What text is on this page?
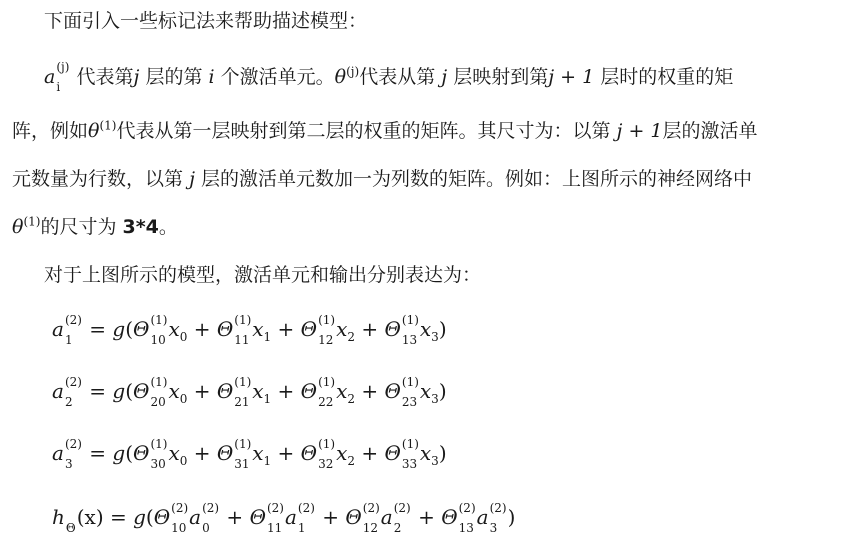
下面引入一些标记法来帮助描述模型：
a (j)
i 代表第j 层的第 i 个激活单元。$\theta^{(j)}$代表从第 j 层映射到第j + 1 层时的权重的矩
阵，例如$\theta^{(1)}$代表从第一层映射到第二层的权重的矩阵。其尺寸为：以第 j + 1层的激活单
元数量为行数，以第 j 层的激活单元数加一为列数的矩阵。例如：上图所示的神经网络中
$\theta^{(1)}$的尺寸为 3*4。
对于上图所示的模型，激活单元和输出分别表达为：
a (2)
1 = g(Θ (1)
10 $x_0 + \Theta$ (1)
11 $x_1 + \Theta$ (1)
12 $x_2 + \Theta$ (1)
13 $x_3$)
a (2)
2 = g(Θ (1)
20 $x_0 + \Theta$ (1)
21 $x_1 + \Theta$ (1)
22 $x_2 + \Theta$ (1)
23 $x_3$)
a (2)
3 = g(Θ (1)
30 $x_0 + \Theta$ (1)
31 $x_1 + \Theta$ (1)
32 $x_2 + \Theta$ (1)
33 $x_3$)
h
Θ (x) = g(Θ (2)
10 a (2)
0 + Θ (2)
11 a (2)
1 + Θ (2)
12 a (2)
2 + Θ (2)
13 a (2)
3 )
